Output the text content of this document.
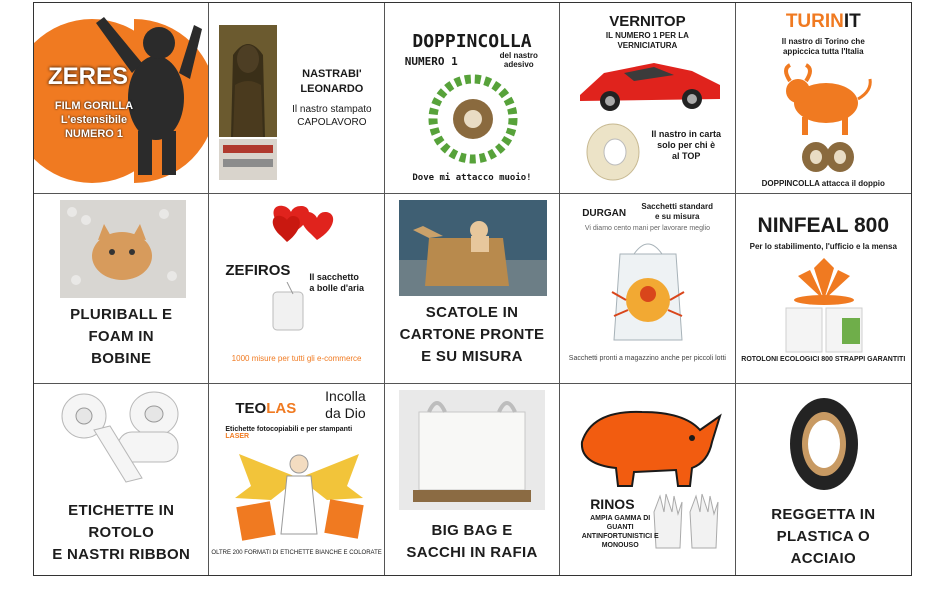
ZERES
FILM GORILLA
L'estensibile
NUMERO 1
NASTRABI'
LEONARDO
Il nastro stampato
CAPOLAVORO
DOPPINCOLLA
NUMERO 1	del nastro
adesivo
Dove mi attacco muoio!
VERNITOP
IL NUMERO 1 PER LA
VERNICIATURA
Il nastro in carta
solo per chi è
al TOP
TURINIT
Il nastro di Torino che
appiccica tutta l'Italia
DOPPINCOLLA attacca il doppio
PLURIBALL E
FOAM IN
BOBINE
ZEFIROS Il sacchetto
a bolle d'aria
1000 misure per tutti gli e-commerce
SCATOLE IN
CARTONE PRONTE
E SU MISURA
DURGAN
Sacchetti standard
e su misura
Vi diamo cento mani per lavorare meglio
Sacchetti pronti a magazzino anche per piccoli lotti
NINFEAL 800
Per lo stabilimento, l'ufficio e la mensa
ROTOLONI ECOLOGICI 800 STRAPPI GARANTITI
ETICHETTE IN
ROTOLO
E NASTRI RIBBON
TEOLAS
Incolla
da Dio
Etichette fotocopiabili e per stampanti LASER
OLTRE 200 FORMATI DI ETICHETTE BIANCHE E COLORATE
BIG BAG E
SACCHI IN RAFIA
RINOS
AMPIA GAMMA DI
GUANTI
ANTINFORTUNISTICI E
MONOUSO
REGGETTA IN
PLASTICA O
ACCIAIO
